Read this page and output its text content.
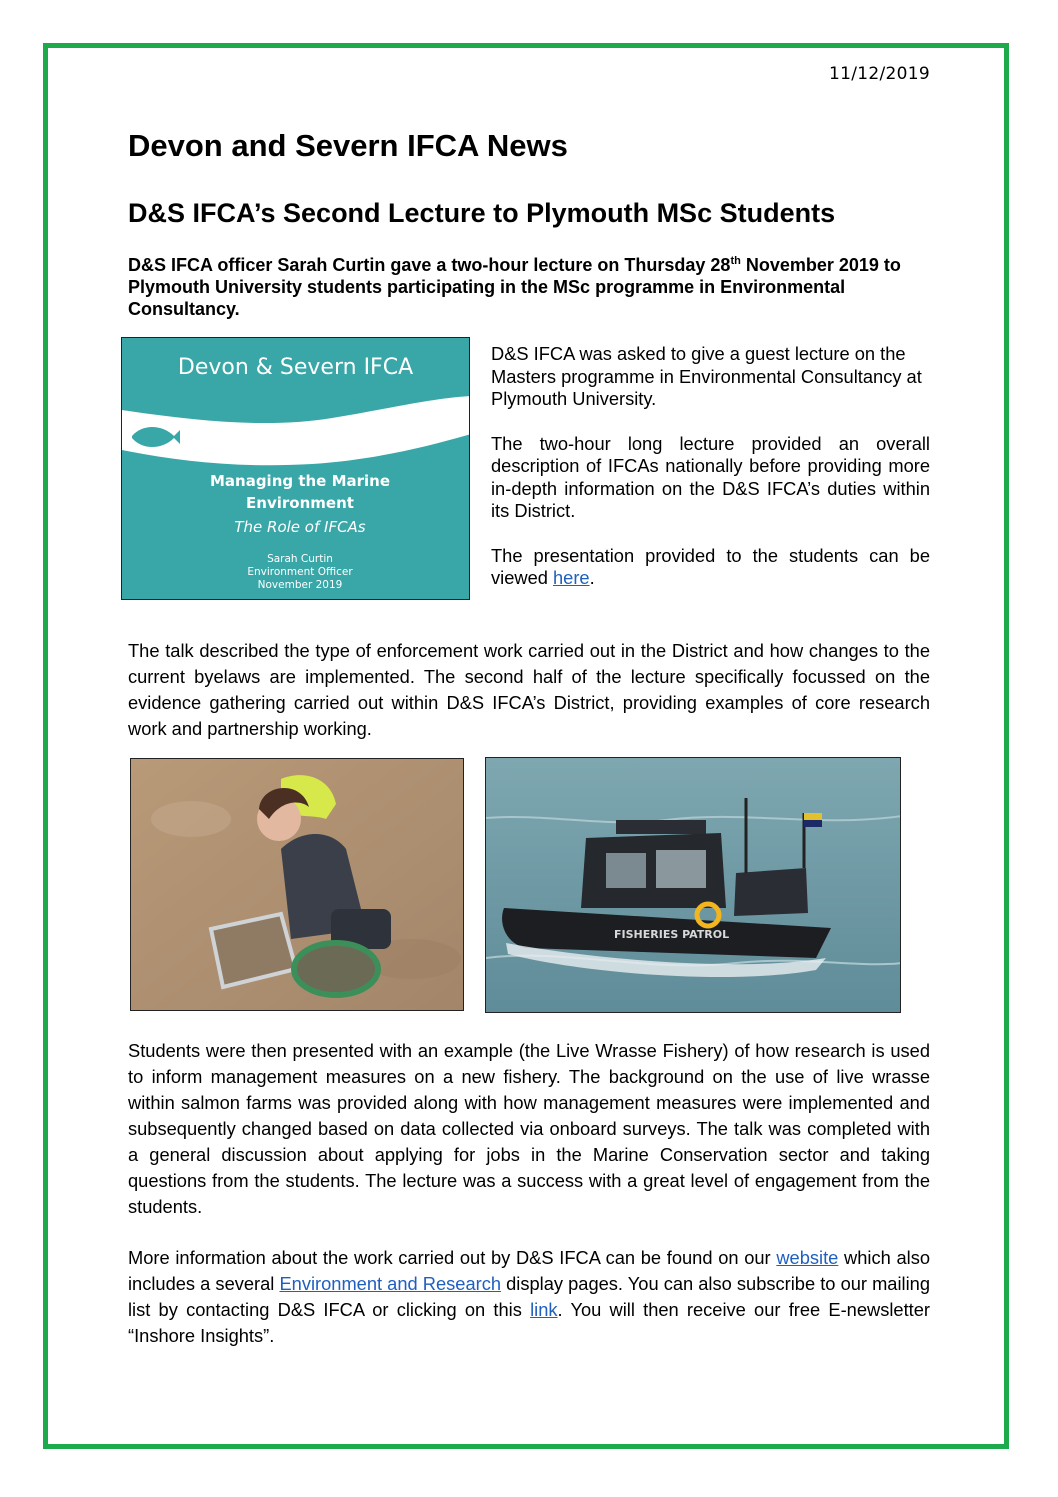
11/12/2019
Devon and Severn IFCA News
D&S IFCA’s Second Lecture to Plymouth MSc Students

D&S IFCA officer Sarah Curtin gave a two-hour lecture on Thursday 28th November 2019 to Plymouth University students participating in the MSc programme in Environmental Consultancy.

Devon & Severn IFCA
Managing the Marine
Environment
The Role of IFCAs
Sarah Curtin
Environment Officer
November 2019

D&S IFCA was asked to give a guest lecture on the Masters programme in Environmental Consultancy at Plymouth University.

The two-hour long lecture provided an overall description of IFCAs nationally before providing more in-depth information on the D&S IFCA’s duties within its District.

The presentation provided to the students can be viewed here.

The talk described the type of enforcement work carried out in the District and how changes to the current byelaws are implemented. The second half of the lecture specifically focussed on the evidence gathering carried out within D&S IFCA’s District, providing examples of core research work and partnership working.

FISHERIES PATROL

Students were then presented with an example (the Live Wrasse Fishery) of how research is used to inform management measures on a new fishery. The background on the use of live wrasse within salmon farms was provided along with how management measures were implemented and subsequently changed based on data collected via onboard surveys. The talk was completed with a general discussion about applying for jobs in the Marine Conservation sector and taking questions from the students. The lecture was a success with a great level of engagement from the students.

More information about the work carried out by D&S IFCA can be found on our website which also includes a several Environment and Research display pages. You can also subscribe to our mailing list by contacting D&S IFCA or clicking on this link. You will then receive our free E-newsletter “Inshore Insights”.
